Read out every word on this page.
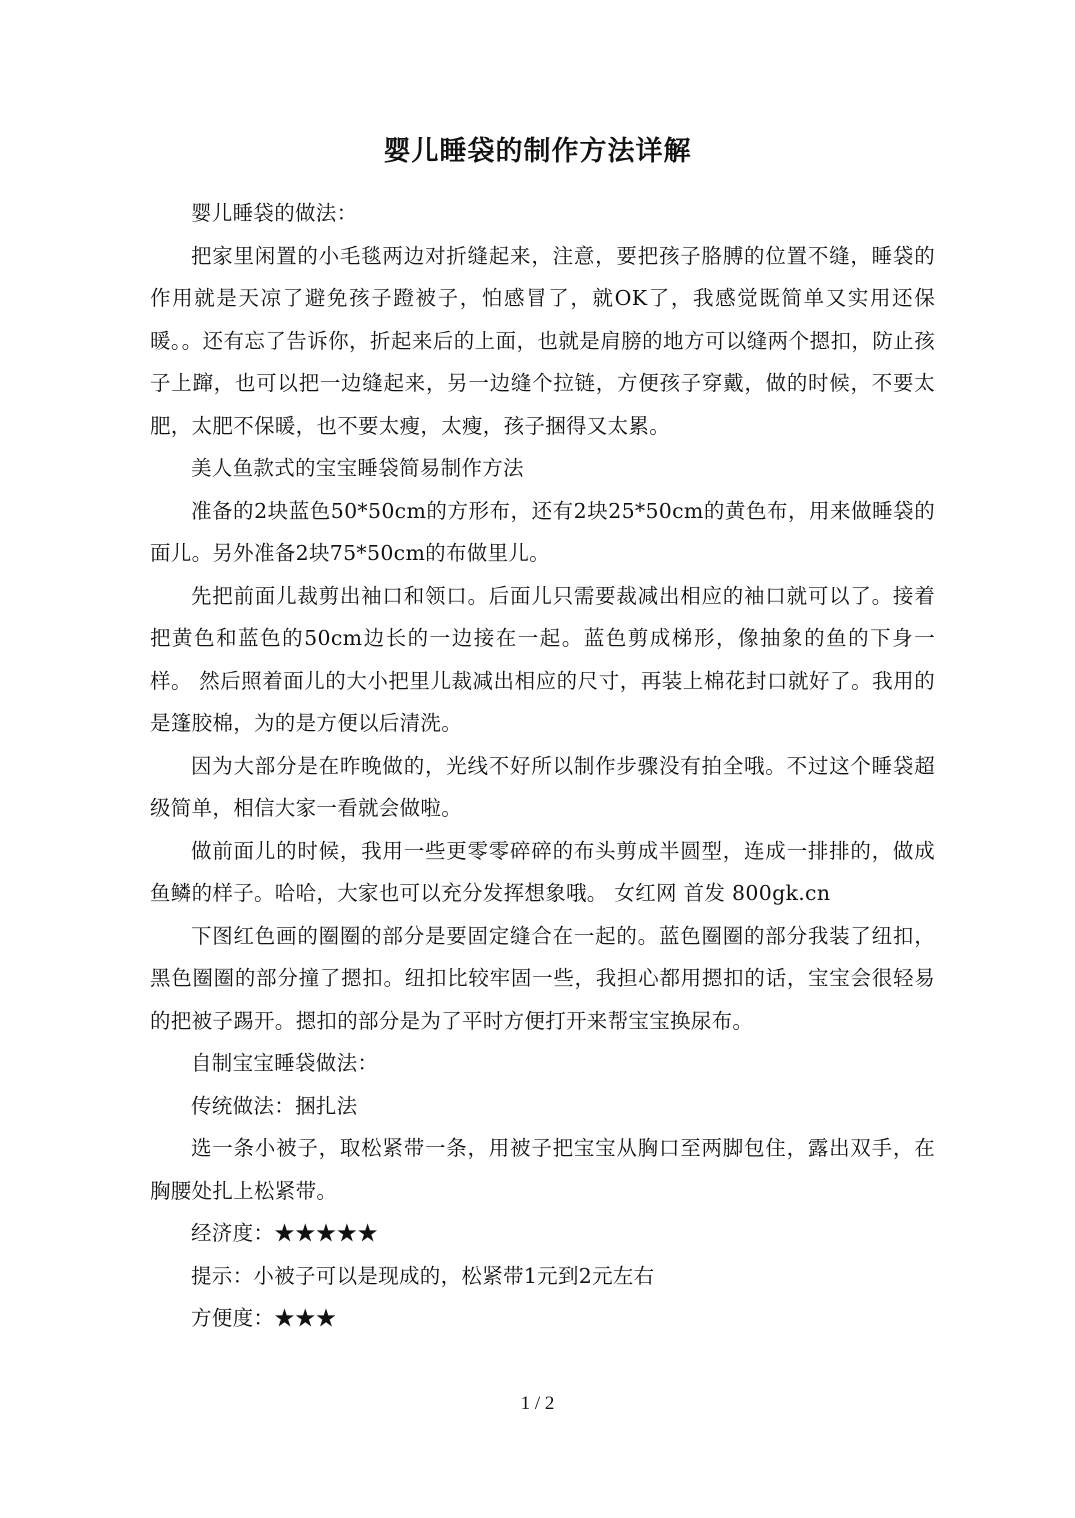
婴儿睡袋的制作方法详解

婴儿睡袋的做法：

把家里闲置的小毛毯两边对折缝起来，注意，要把孩子胳膊的位置不缝，睡袋的作用就是天凉了避免孩子蹬被子，怕感冒了，就OK了，我感觉既简单又实用还保暖。。还有忘了告诉你，折起来后的上面，也就是肩膀的地方可以缝两个摁扣，防止孩子上蹿，也可以把一边缝起来，另一边缝个拉链，方便孩子穿戴，做的时候，不要太肥，太肥不保暖，也不要太瘦，太瘦，孩子捆得又太累。

美人鱼款式的宝宝睡袋简易制作方法

准备的2块蓝色50*50cm的方形布，还有2块25*50cm的黄色布，用来做睡袋的面儿。另外准备2块75*50cm的布做里儿。

先把前面儿裁剪出袖口和领口。后面儿只需要裁减出相应的袖口就可以了。接着把黄色和蓝色的50cm边长的一边接在一起。蓝色剪成梯形，像抽象的鱼的下身一样。 然后照着面儿的大小把里儿裁减出相应的尺寸，再装上棉花封口就好了。我用的是篷胶棉，为的是方便以后清洗。

因为大部分是在昨晚做的，光线不好所以制作步骤没有拍全哦。不过这个睡袋超级简单，相信大家一看就会做啦。

做前面儿的时候，我用一些更零零碎碎的布头剪成半圆型，连成一排排的，做成鱼鳞的样子。哈哈，大家也可以充分发挥想象哦。 女红网 首发 800gk.cn

下图红色画的圈圈的部分是要固定缝合在一起的。蓝色圈圈的部分我装了纽扣，黑色圈圈的部分撞了摁扣。纽扣比较牢固一些，我担心都用摁扣的话，宝宝会很轻易的把被子踢开。摁扣的部分是为了平时方便打开来帮宝宝换尿布。

自制宝宝睡袋做法：

传统做法：捆扎法

选一条小被子，取松紧带一条，用被子把宝宝从胸口至两脚包住，露出双手，在胸腰处扎上松紧带。

经济度：★★★★★

提示：小被子可以是现成的，松紧带1元到2元左右

方便度：★★★

1 / 2
